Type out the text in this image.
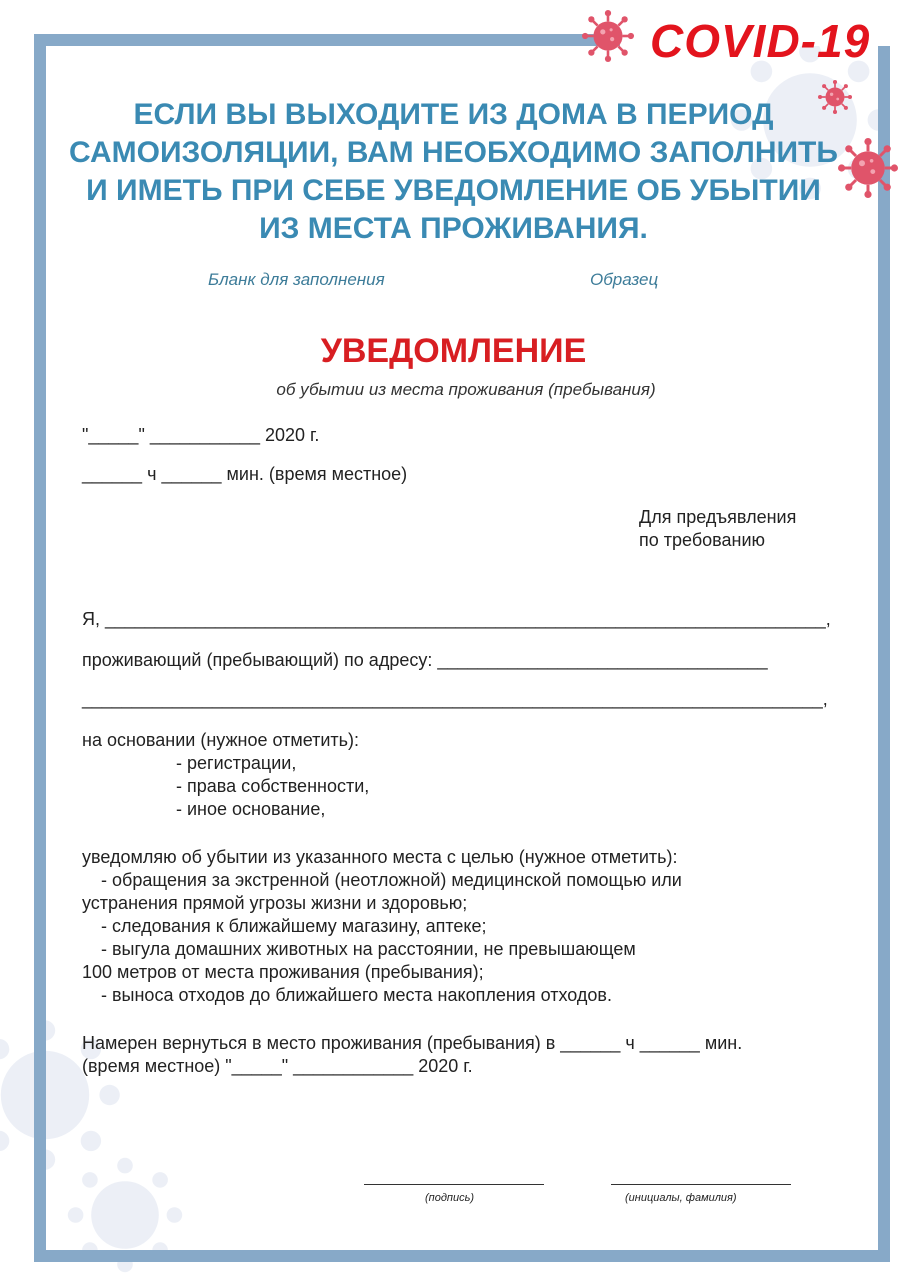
COVID-19
ЕСЛИ ВЫ ВЫХОДИТЕ ИЗ ДОМА В ПЕРИОД
САМОИЗОЛЯЦИИ, ВАМ НЕОБХОДИМО ЗАПОЛНИТЬ
И ИМЕТЬ ПРИ СЕБЕ УВЕДОМЛЕНИЕ ОБ УБЫТИИ
ИЗ МЕСТА ПРОЖИВАНИЯ.
Бланк для заполнения	Образец
УВЕДОМЛЕНИЕ
об убытии из места проживания (пребывания)
"_____" ___________ 2020 г.
______ ч ______ мин. (время местное)
Для предъявления
по требованию
Я, ________________________________________________________________________,
проживающий (пребывающий) по адресу: _________________________________
__________________________________________________________________________,
на основании (нужное отметить):
- регистрации,
- права собственности,
- иное основание,
уведомляю об убытии из указанного места с целью (нужное отметить):
- обращения за экстренной (неотложной) медицинской помощью или
устранения прямой угрозы жизни и здоровью;
- следования к ближайшему магазину, аптеке;
- выгула домашних животных на расстоянии, не превышающем
100 метров от места проживания (пребывания);
- выноса отходов до ближайшего места накопления отходов.
Намерен вернуться в место проживания (пребывания) в ______ ч ______ мин.
(время местное) "_____" ____________ 2020 г.
(подпись)	(инициалы, фамилия)
